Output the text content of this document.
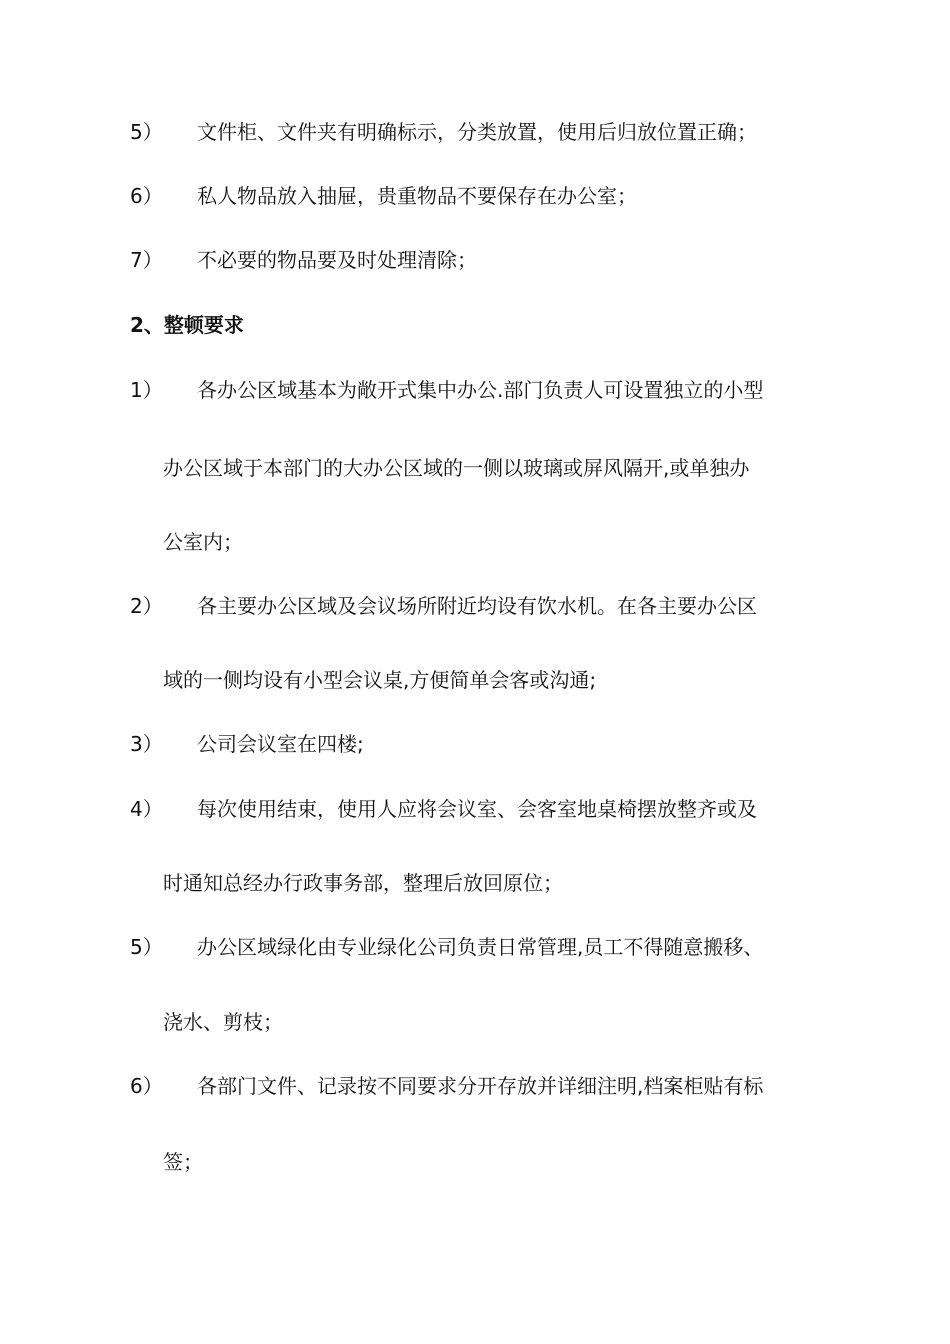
5） 文件柜、文件夹有明确标示，分类放置，使用后归放位置正确；
6） 私人物品放入抽屉，贵重物品不要保存在办公室；
7） 不必要的物品要及时处理清除；
2、整顿要求
1） 各办公区域基本为敞开式集中办公.部门负责人可设置独立的小型
办公区域于本部门的大办公区域的一侧以玻璃或屏风隔开,或单独办
公室内；
2） 各主要办公区域及会议场所附近均设有饮水机。在各主要办公区
域的一侧均设有小型会议桌,方便简单会客或沟通;
3） 公司会议室在四楼;
4） 每次使用结束，使用人应将会议室、会客室地桌椅摆放整齐或及
时通知总经办行政事务部，整理后放回原位；
5） 办公区域绿化由专业绿化公司负责日常管理,员工不得随意搬移、
浇水、剪枝；
6） 各部门文件、记录按不同要求分开存放并详细注明,档案柜贴有标
签；
